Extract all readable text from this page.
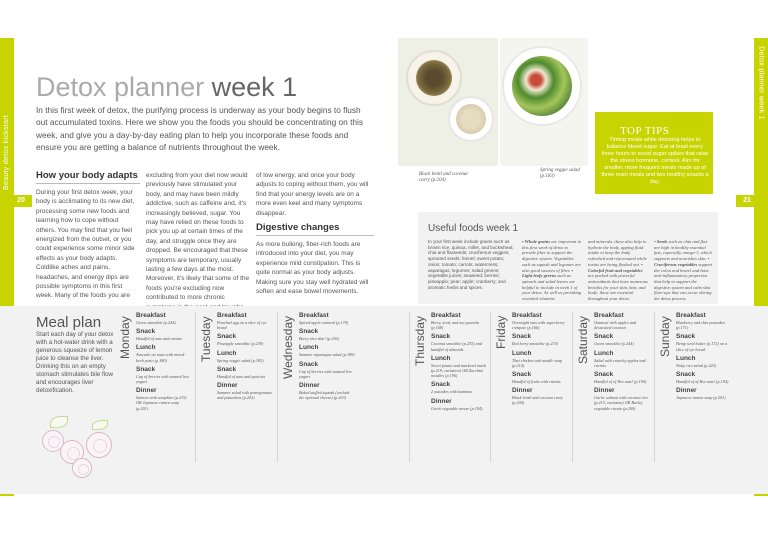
Beauty detox kickstart
Detox planner week 1
20	21
Detox planner week 1
In this first week of detox, the purifying process is underway as your body begins to flush out accumulated toxins. Here we show you the foods you should be concentrating on this week, and give you a day-by-day eating plan to help you incorporate these foods and ensure you are getting a balance of nutrients throughout the week.
How your body adapts
During your first detox week, your body is acclimating to its new diet, processing some new foods and learning how to cope without others. You may find that you feel energized from the outset, or you could experience some minor side effects as your body adapts. Coldlike aches and pains, headaches, and energy dips are possible symptoms in this first week. Many of the foods you are
excluding from your diet now would previously have stimulated your body, and may have been mildly addictive, such as caffeine and, it's increasingly believed, sugar. You may have relied on these foods to pick you up at certain times of the day, and struggle once they are dropped. Be encouraged that these symptoms are temporary, usually lasting a few days at the most. Moreover, it's likely that some of the foods you're excluding now contributed to more chronic
of low energy, and once your body adjusts to coping without them, you will find that your energy levels are on a more even keel and many symptoms disappear.
Digestive changes
As more bulking, fiber-rich foods are introduced into your diet, you may experience mild constipation. This is quite normal as your body adjusts. Making sure you stay well hydrated will soften and ease bowel movements.
Black lentil and coconut curry (p.204)
Spring veggie salad (p.183)
TOP TIPS
Timing meals while detoxing helps to balance blood sugar. Eat at least every three hours to avoid sugar spikes that raise the stress hormone, cortisol. Aim for smaller, more frequent meals made up of three main meals and two healthy snacks a day.
Useful foods week 1
In your first week include grains such as brown rice, quinoa, millet, and buckwheat; chia and flaxseeds; cruciferous veggies; sprouted seeds; fennel; sweet potato; onion; tomato; carrots; watercress; asparagus; legumes; salad greens; vegetable juices; seaweed; berries; pineapple; pear; apple; cranberry; and aromatic herbs and spices.
• Whole grains are important in this first week of detox to provide fiber to support the digestive system. Vegetables such as squash and legumes are also good sources of fiber. • Light leafy greens such as spinach and salad leaves are helpful to include in week 1 of your detox. As well as providing essential vitamins
and minerals, these also help to hydrate the body, upping fluid intake to keep the body refreshed and rejuvenated while toxins are being flushed out. • Colorful fruit and vegetables are packed with powerful antioxidants that have numerous benefits for your skin, hair, and body; these are essential throughout your detox.
• Seeds such as chia and flax are high in healthy essential fats, especially omega-3, which supports and nourishes skin. • Cruciferous vegetables support the colon and bowel and have anti-inflammatory properties that help to support the digestive system and calm skin flare-ups that can occur during the detox process.
Meal plan
Start each day of your detox with a hot-water drink with a generous squeeze of lemon juice to cleanse the liver. Drinking this on an empty stomach stimulates bile flow and encourages liver detoxification.
Monday
Breakfast
Green smoothie (p.244)
Snack
Handful of oats and raisins
Lunch
Avocado on toast with mixed-herb pesto (p.180)
Snack
Cup of berries with natural live yogurt
Dinner
Salmon with samphire (p.215) OR Japanese ramen soup (p.201)
Tuesday
Breakfast
Poached egg on a slice of rye bread
Snack
Pineapple smoothie (p.239)
Lunch
Spring veggie salad (p.183)
Snack
Handful of nuts and apricots
Dinner
Summer salad with pomegranate and pistachios (p.202)
Wednesday
Breakfast
Spiced apple oatmeal (p.170)
Snack
Berry nice skin! (p.236)
Lunch
Summer asparagus salad (p.189)
Snack
Cup of berries with natural live yogurt
Dinner
Baked stuffed squash (exclude the optional cheese) (p.203)
Thursday
Breakfast
Berry, seed, and nut granola (p.168)
Snack
Coconut smoothie (p.235) and handful of almonds
Lunch
Sweet potato and mackerel mash (p.219; variation) OR Zucchini noodles (p.196)
Snack
2 oatcakes with hummus
Dinner
Greek vegetable mezze (p.194)
Friday
Breakfast
Overnight oats with superberry compote (p.166)
Snack
Red berry smoothie (p.233)
Lunch
Thai chicken and noodle soup (p.214)
Snack
Handful of fruits with raisins
Dinner
Black lentil and coconut curry (p.204)
Saturday
Breakfast
Oatmeal with apples and dessicated coconut
Snack
Green smoothie (p.244)
Lunch
Salad with crunchy apples and carrots
Snack
Handful of of Hot nuts! (p.194)
Dinner
Garlic salmon with coconut rice (p.215, variation) OR Barley vegetable risotto (p.200)
Sunday
Breakfast
Blueberry and chia pancakes (p.171)
Snack
Hemp seed butter (p.172) on a slice of rye bread
Lunch
Nutty rice salad (p.220)
Snack
Handful of of Hot nuts! (p.194)
Dinner
Japanese ramen soup (p.201)
